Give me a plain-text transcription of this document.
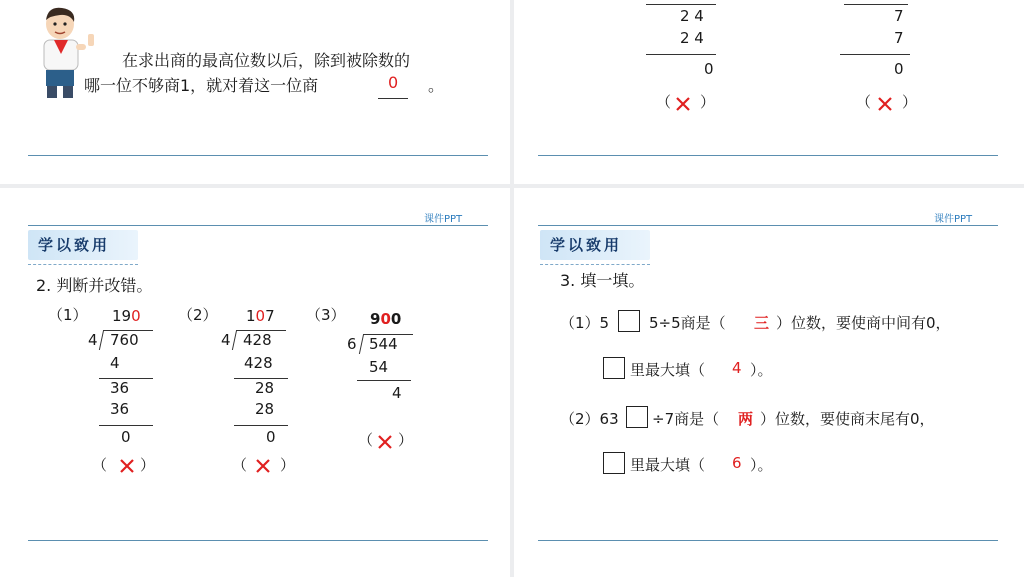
在求出商的最高位数以后，除到被除数的
哪一位不够商1，就对着这一位商	0 。
2 4
2 4
0
（ ）
7
7
0
（ ）
课件PPT
学以致用
2. 判断并改错。
（1） 190
4 760
4
36
36
0
（ ）
（2） 107
4 428
428
28
28
0
（ ）
（3） 900
6 544
54
4
（ ）
课件PPT
学以致用
3. 填一填。
（1）5	5÷5商是（ 三 ）位数，要使商中间有0，
里最大填（ 4 ）。
（2）63 ÷7商是（ 两 ）位数，要使商末尾有0，
里最大填（ 6 ）。
